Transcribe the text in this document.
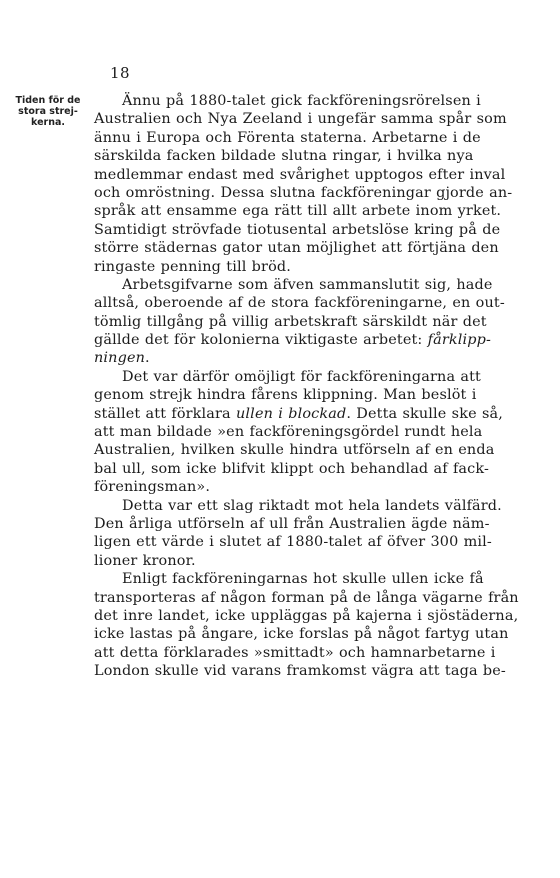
18
Tiden för de
stora strej-
kerna.
Ännu på 1880-talet gick fackföreningsrörelsen i
Australien och Nya Zeeland i ungefär samma spår som
ännu i Europa och Förenta staterna. Arbetarne i de
särskilda facken bildade slutna ringar, i hvilka nya
medlemmar endast med svårighet upptogos efter inval
och omröstning. Dessa slutna fackföreningar gjorde an-
språk att ensamme ega rätt till allt arbete inom yrket.
Samtidigt strövfade tiotusental arbetslöse kring på de
större städernas gator utan möjlighet att förtjäna den
ringaste penning till bröd.
Arbetsgifvarne som äfven sammanslutit sig, hade
alltså, oberoende af de stora fackföreningarne, en out-
tömlig tillgång på villig arbetskraft särskildt när det
gällde det för kolonierna viktigaste arbetet: fårklipp-
ningen.
Det var därför omöjligt för fackföreningarna att
genom strejk hindra fårens klippning. Man beslöt i
stället att förklara ullen i blockad. Detta skulle ske så,
att man bildade »en fackföreningsgördel rundt hela
Australien, hvilken skulle hindra utförseln af en enda
bal ull, som icke blifvit klippt och behandlad af fack-
föreningsman».
Detta var ett slag riktadt mot hela landets välfärd.
Den årliga utförseln af ull från Australien ägde näm-
ligen ett värde i slutet af 1880-talet af öfver 300 mil-
lioner kronor.
Enligt fackföreningarnas hot skulle ullen icke få
transporteras af någon forman på de långa vägarne från
det inre landet, icke uppläggas på kajerna i sjöstäderna,
icke lastas på ångare, icke forslas på något fartyg utan
att detta förklarades »smittadt» och hamnarbetarne i
London skulle vid varans framkomst vägra att taga be-
